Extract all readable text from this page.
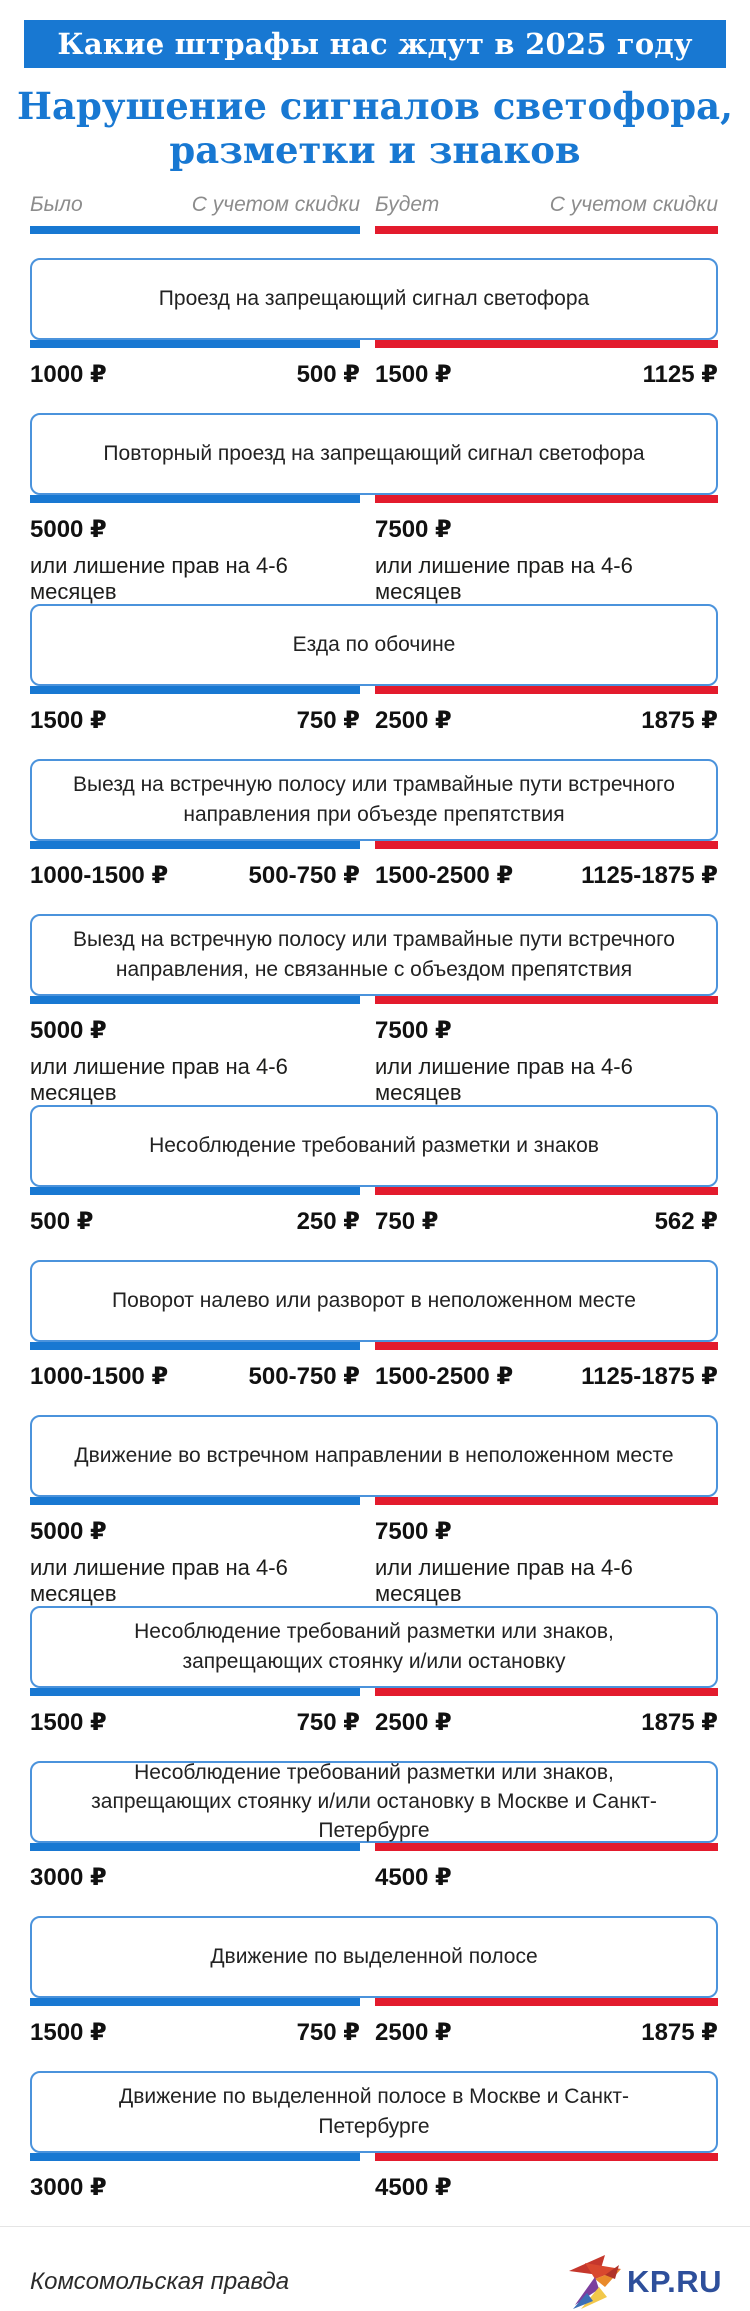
Какие штрафы нас ждут в 2025 году
Нарушение сигналов светофора,
разметки и знаков
Было	С учетом скидки Будет	С учетом скидки
Проезд на запрещающий сигнал светофора
1000 ₽	500 ₽ 1500 ₽	1125 ₽
Повторный проезд на запрещающий сигнал светофора
5000 ₽	7500 ₽
или лишение прав на 4-6 месяцев
или лишение прав на 4-6 месяцев
Езда по обочине
1500 ₽	750 ₽ 2500 ₽	1875 ₽
Выезд на встречную полосу или трамвайные пути встречного направления при объезде препятствия
1000-1500 ₽	500-750 ₽ 1500-2500 ₽	1125-1875 ₽
Выезд на встречную полосу или трамвайные пути встречного направления, не связанные с объездом препятствия
5000 ₽	7500 ₽
или лишение прав на 4-6 месяцев
или лишение прав на 4-6 месяцев
Несоблюдение требований разметки и знаков
500 ₽	250 ₽ 750 ₽	562 ₽
Поворот налево или разворот в неположенном месте
1000-1500 ₽	500-750 ₽ 1500-2500 ₽	1125-1875 ₽
Движение во встречном направлении в неположенном месте
5000 ₽	7500 ₽
или лишение прав на 4-6 месяцев
или лишение прав на 4-6 месяцев
Несоблюдение требований разметки или знаков, запрещающих стоянку и/или остановку
1500 ₽	750 ₽ 2500 ₽	1875 ₽
Несоблюдение требований разметки или знаков, запрещающих стоянку и/или остановку в Москве и Санкт-Петербурге
3000 ₽	4500 ₽
Движение по выделенной полосе
1500 ₽	750 ₽ 2500 ₽	1875 ₽
Движение по выделенной полосе в Москве и Санкт-Петербурге
3000 ₽	4500 ₽
Комсомольская правда	KP.RU
